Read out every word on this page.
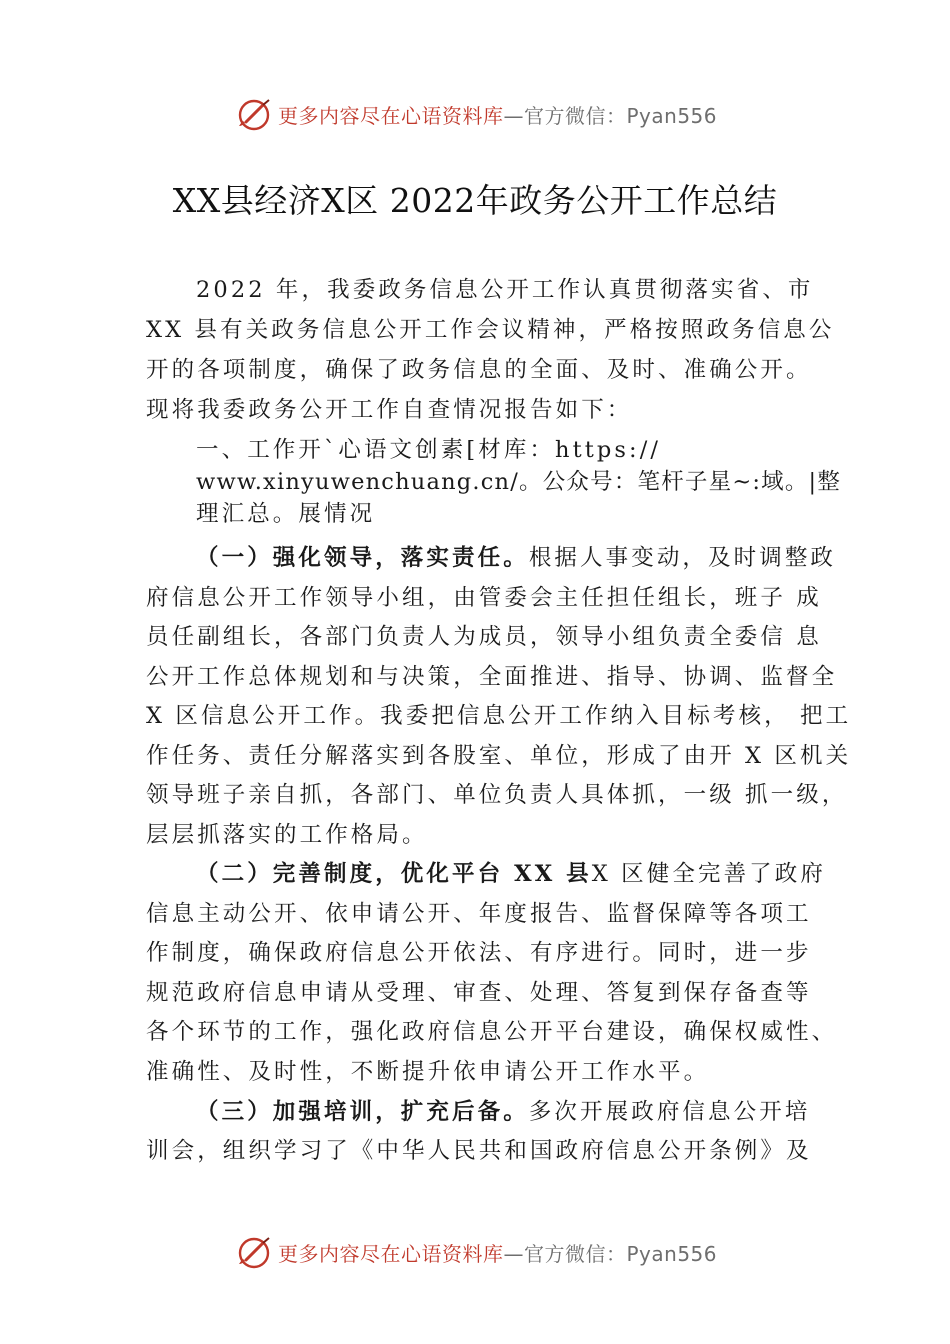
更多内容尽在心语资料库—官方微信：Pyan556
XX县经济X区 2022年政务公开工作总结
2022 年，我委政务信息公开工作认真贯彻落实省、市
XX 县有关政务信息公开工作会议精神，严格按照政务信息公
开的各项制度，确保了政务信息的全面、及时、准确公开。
现将我委政务公开工作自查情况报告如下：
一、工作开`心语文创素[材库：https://
www.xinyuwenchuang.cn/。公众号：笔杆子星~:域。|整
理汇总。展情况
（一）强化领导，落实责任。根据人事变动，及时调整政
府信息公开工作领导小组，由管委会主任担任组长，班子 成
员任副组长，各部门负责人为成员，领导小组负责全委信 息
公开工作总体规划和与决策，全面推进、指导、协调、监督全
X 区信息公开工作。我委把信息公开工作纳入目标考核， 把工
作任务、责任分解落实到各股室、单位，形成了由开 X 区机关
领导班子亲自抓，各部门、单位负责人具体抓，一级 抓一级，
层层抓落实的工作格局。
（二）完善制度，优化平台 XX 县X 区健全完善了政府
信息主动公开、依申请公开、年度报告、监督保障等各项工
作制度，确保政府信息公开依法、有序进行。同时，进一步
规范政府信息申请从受理、审查、处理、答复到保存备查等
各个环节的工作，强化政府信息公开平台建设，确保权威性、
准确性、及时性，不断提升依申请公开工作水平。
（三）加强培训，扩充后备。多次开展政府信息公开培
训会，组织学习了《中华人民共和国政府信息公开条例》及
更多内容尽在心语资料库—官方微信：Pyan556
